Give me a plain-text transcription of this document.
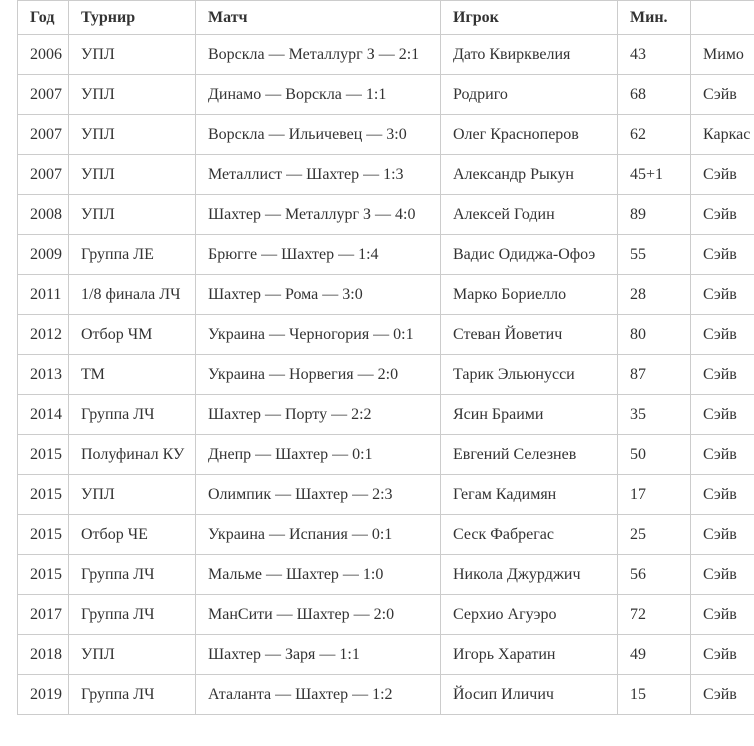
Год	Турнир	Матч	Игрок	Мин.	
2006	УПЛ	Ворскла — Металлург З — 2:1	Дато Квирквелия	43	Мимо
2007	УПЛ	Динамо — Ворскла — 1:1	Родриго	68	Сэйв
2007	УПЛ	Ворскла — Ильичевец — 3:0	Олег Красноперов	62	Каркас
2007	УПЛ	Металлист — Шахтер — 1:3	Александр Рыкун	45+1	Сэйв
2008	УПЛ	Шахтер — Металлург З — 4:0	Алексей Годин	89	Сэйв
2009	Группа ЛЕ	Брюгге — Шахтер — 1:4	Вадис Одиджа-Офоэ	55	Сэйв
2011	1/8 финала ЛЧ	Шахтер — Рома — 3:0	Марко Бориелло	28	Сэйв
2012	Отбор ЧМ	Украина — Черногория — 0:1	Стеван Йоветич	80	Сэйв
2013	ТМ	Украина — Норвегия — 2:0	Тарик Эльюнусси	87	Сэйв
2014	Группа ЛЧ	Шахтер — Порту — 2:2	Ясин Браими	35	Сэйв
2015	Полуфинал КУ	Днепр — Шахтер — 0:1	Евгений Селезнев	50	Сэйв
2015	УПЛ	Олимпик — Шахтер — 2:3	Гегам Кадимян	17	Сэйв
2015	Отбор ЧЕ	Украина — Испания — 0:1	Сеск Фабрегас	25	Сэйв
2015	Группа ЛЧ	Мальме — Шахтер — 1:0	Никола Джурджич	56	Сэйв
2017	Группа ЛЧ	МанСити — Шахтер — 2:0	Серхио Агуэро	72	Сэйв
2018	УПЛ	Шахтер — Заря — 1:1	Игорь Харатин	49	Сэйв
2019	Группа ЛЧ	Аталанта — Шахтер — 1:2	Йосип Иличич	15	Сэйв
